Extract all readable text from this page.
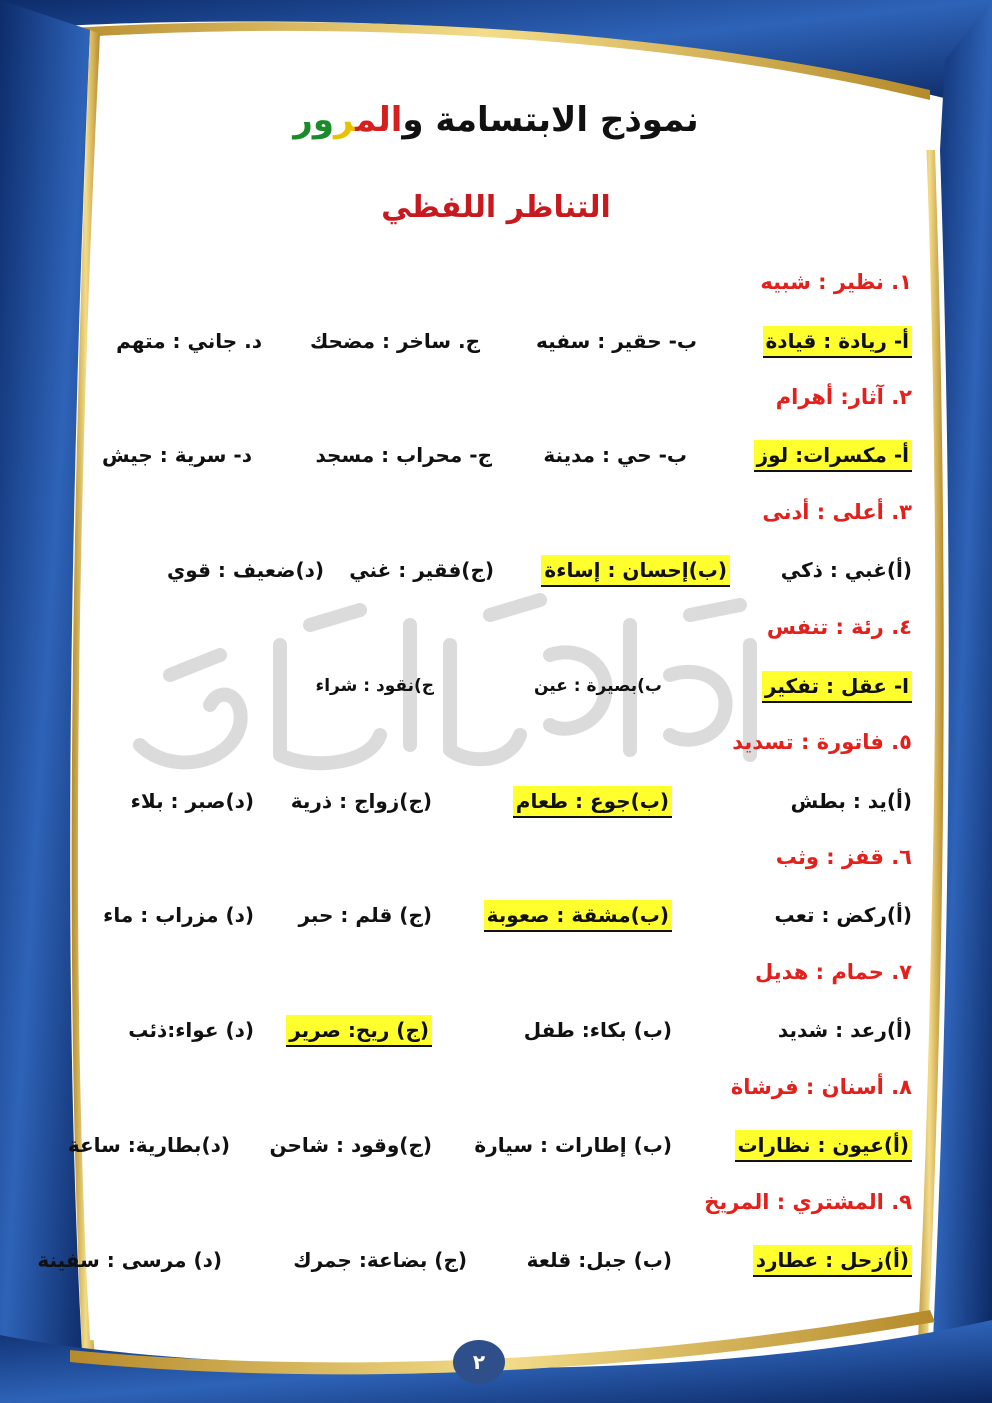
نموذج الابتسامة والمرور
التناظر اللفظي
١. نظير : شبيه
أ- ريادة : قيادة
ب- حقير : سفيه
ج. ساخر : مضحك
د. جاني : متهم
٢. آثار: أهرام
أ- مكسرات: لوز
ب- حي : مدينة
ج- محراب : مسجد
د- سرية : جيش
٣. أعلى : أدنى
(أ)غبي : ذكي
(ب)إحسان : إساءة
(ج)فقير : غني
(د)ضعيف : قوي
٤. رئة : تنفس
ا- عقل : تفكير
ب)بصيرة : عين
ج)نقود : شراء
٥. فاتورة : تسديد
(أ)يد : بطش
(ب)جوع : طعام
(ج)زواج : ذرية
(د)صبر : بلاء
٦. قفز : وثب
(أ)ركض : تعب
(ب)مشقة : صعوبة
(ج) قلم : حبر
(د) مزراب : ماء
٧. حمام : هديل
(أ)رعد : شديد
(ب) بكاء: طفل
(ج) ريح: صرير
(د) عواء:ذئب
٨. أسنان : فرشاة
(أ)عيون : نظارات
(ب) إطارات : سيارة
(ج)وقود : شاحن
(د)بطارية: ساعة
٩. المشتري : المريخ
(أ)زحل : عطارد
(ب) جبل: قلعة
(ج) بضاعة: جمرك
(د) مرسى : سفينة
٢
